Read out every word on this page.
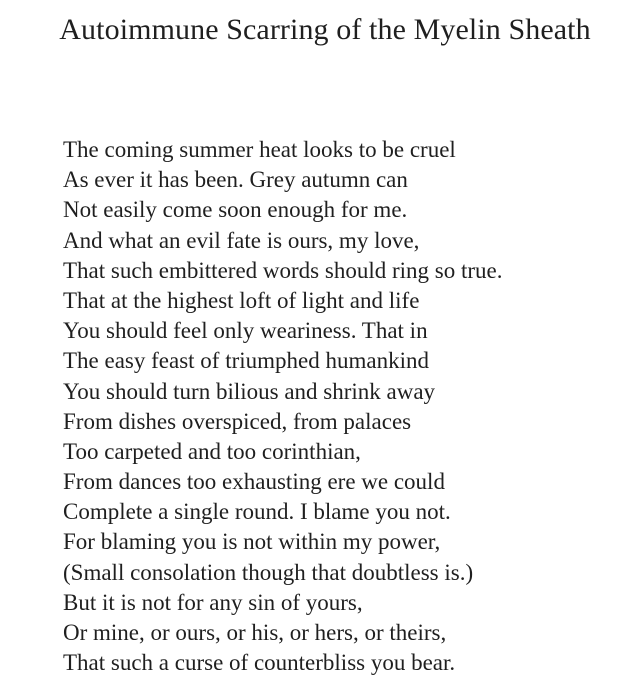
Autoimmune Scarring of the Myelin Sheath
The coming summer heat looks to be cruel
As ever it has been. Grey autumn can
Not easily come soon enough for me.
And what an evil fate is ours, my love,
That such embittered words should ring so true.
That at the highest loft of light and life
You should feel only weariness. That in
The easy feast of triumphed humankind
You should turn bilious and shrink away
From dishes overspiced, from palaces
Too carpeted and too corinthian,
From dances too exhausting ere we could
Complete a single round. I blame you not.
For blaming you is not within my power,
(Small consolation though that doubtless is.)
But it is not for any sin of yours,
Or mine, or ours, or his, or hers, or theirs,
That such a curse of counterbliss you bear.
